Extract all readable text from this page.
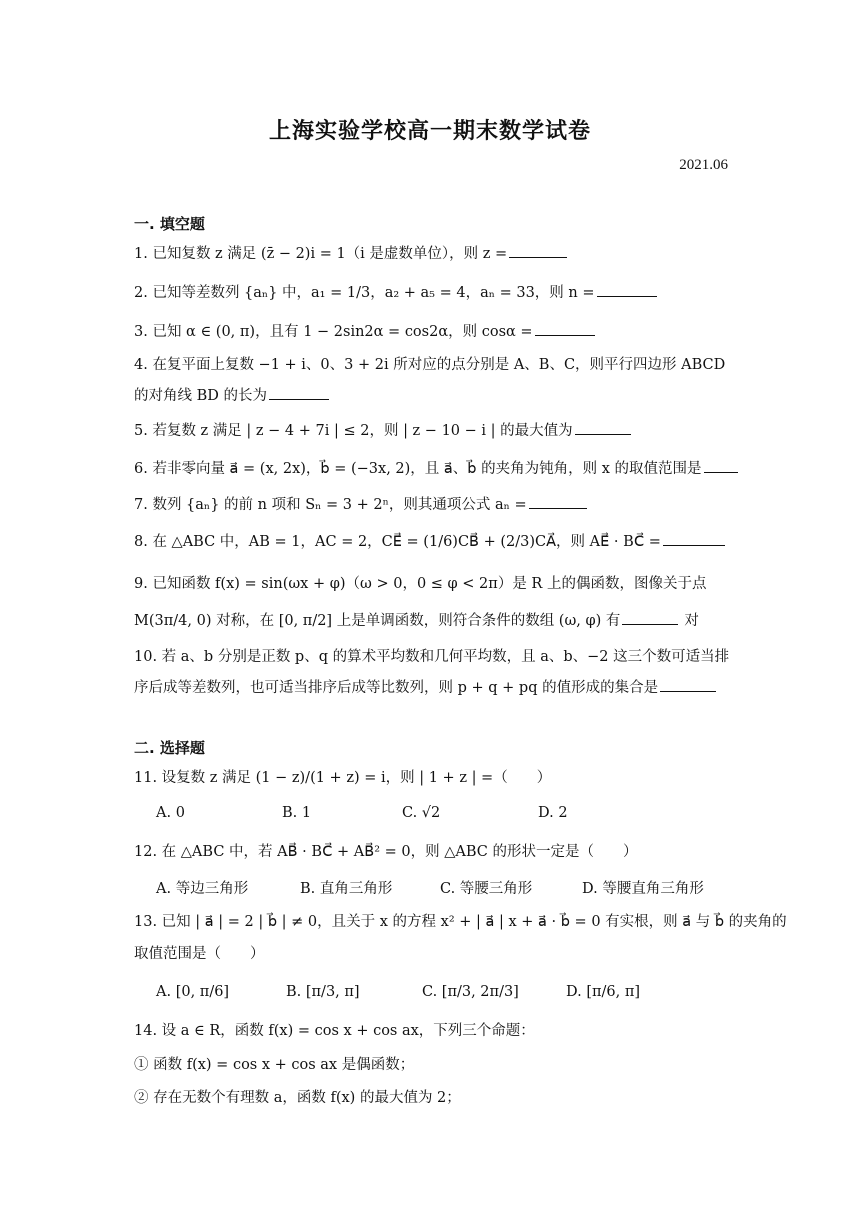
上海实验学校高一期末数学试卷
2021.06
一. 填空题
1. 已知复数 z 满足 (z̄ − 2)i = 1（i 是虚数单位），则 z =
2. 已知等差数列 {aₙ} 中，a₁ = 1/3，a₂ + a₅ = 4，aₙ = 33，则 n =
3. 已知 α ∈ (0, π)，且有 1 − 2sin2α = cos2α，则 cosα =
4. 在复平面上复数 −1 + i、0、3 + 2i 所对应的点分别是 A、B、C，则平行四边形 ABCD
的对角线 BD 的长为
5. 若复数 z 满足 | z − 4 + 7i | ≤ 2，则 | z − 10 − i | 的最大值为
6. 若非零向量 a⃗ = (x, 2x)，b⃗ = (−3x, 2)，且 a⃗、b⃗ 的夹角为钝角，则 x 的取值范围是
7. 数列 {aₙ} 的前 n 项和 Sₙ = 3 + 2ⁿ，则其通项公式 aₙ =
8. 在 △ABC 中，AB = 1，AC = 2，CE⃗ = (1/6)CB⃗ + (2/3)CA⃗，则 AE⃗ · BC⃗ =
9. 已知函数 f(x) = sin(ωx + φ)（ω > 0，0 ≤ φ < 2π）是 R 上的偶函数，图像关于点
M(3π/4, 0) 对称，在 [0, π/2] 上是单调函数，则符合条件的数组 (ω, φ) 有	对
10. 若 a、b 分别是正数 p、q 的算术平均数和几何平均数，且 a、b、−2 这三个数可适当排
序后成等差数列，也可适当排序后成等比数列，则 p + q + pq 的值形成的集合是
二. 选择题
11. 设复数 z 满足 (1 − z)/(1 + z) = i，则 | 1 + z | =（　　）
A. 0	B. 1	C. √2	D. 2
12. 在 △ABC 中，若 AB⃗ · BC⃗ + AB⃗² = 0，则 △ABC 的形状一定是（　　）
A. 等边三角形	B. 直角三角形	C. 等腰三角形	D. 等腰直角三角形
13. 已知 | a⃗ | = 2 | b⃗ | ≠ 0，且关于 x 的方程 x² + | a⃗ | x + a⃗ · b⃗ = 0 有实根，则 a⃗ 与 b⃗ 的夹角的
取值范围是（　　）
A. [0, π/6]	B. [π/3, π]	C. [π/3, 2π/3]	D. [π/6, π]
14. 设 a ∈ R，函数 f(x) = cos x + cos ax，下列三个命题：
① 函数 f(x) = cos x + cos ax 是偶函数；
② 存在无数个有理数 a，函数 f(x) 的最大值为 2；
